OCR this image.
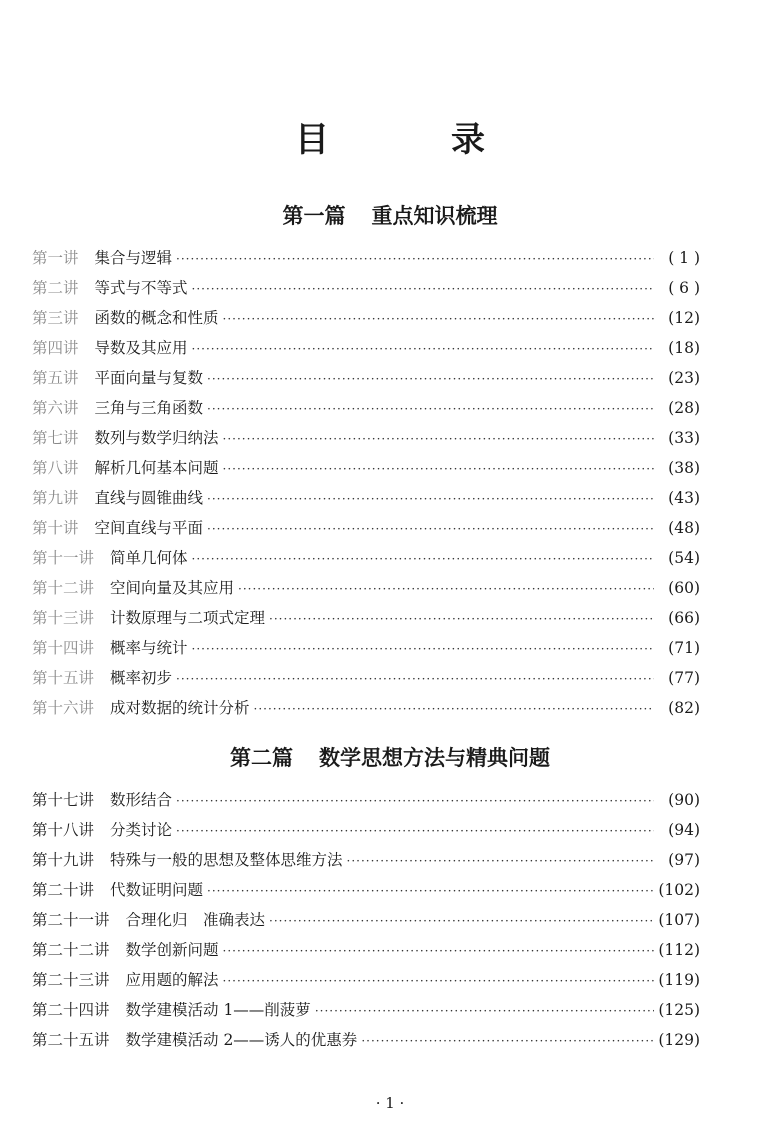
目　录
第一篇 重点知识梳理
第一讲 集合与逻辑 ·····	( 1 )
第二讲 等式与不等式 ·····	( 6 )
第三讲 函数的概念和性质 ·····	(12)
第四讲 导数及其应用 ·····	(18)
第五讲 平面向量与复数 ·····	(23)
第六讲 三角与三角函数 ·····	(28)
第七讲 数列与数学归纳法 ·····	(33)
第八讲 解析几何基本问题 ·····	(38)
第九讲 直线与圆锥曲线 ·····	(43)
第十讲 空间直线与平面 ·····	(48)
第十一讲 简单几何体 ·····	(54)
第十二讲 空间向量及其应用 ·····	(60)
第十三讲 计数原理与二项式定理 ·····	(66)
第十四讲 概率与统计 ·····	(71)
第十五讲 概率初步 ·····	(77)
第十六讲 成对数据的统计分析 ·····	(82)
第二篇 数学思想方法与精典问题
第十七讲 数形结合 ·····	(90)
第十八讲 分类讨论 ·····	(94)
第十九讲 特殊与一般的思想及整体思维方法 ·····	(97)
第二十讲 代数证明问题 ·····	(102)
第二十一讲 合理化归　准确表达 ·····	(107)
第二十二讲 数学创新问题 ·····	(112)
第二十三讲 应用题的解法 ·····	(119)
第二十四讲 数学建模活动 1——削菠萝 ·····	(125)
第二十五讲 数学建模活动 2——诱人的优惠券 ·····	(129)
· 1 ·
